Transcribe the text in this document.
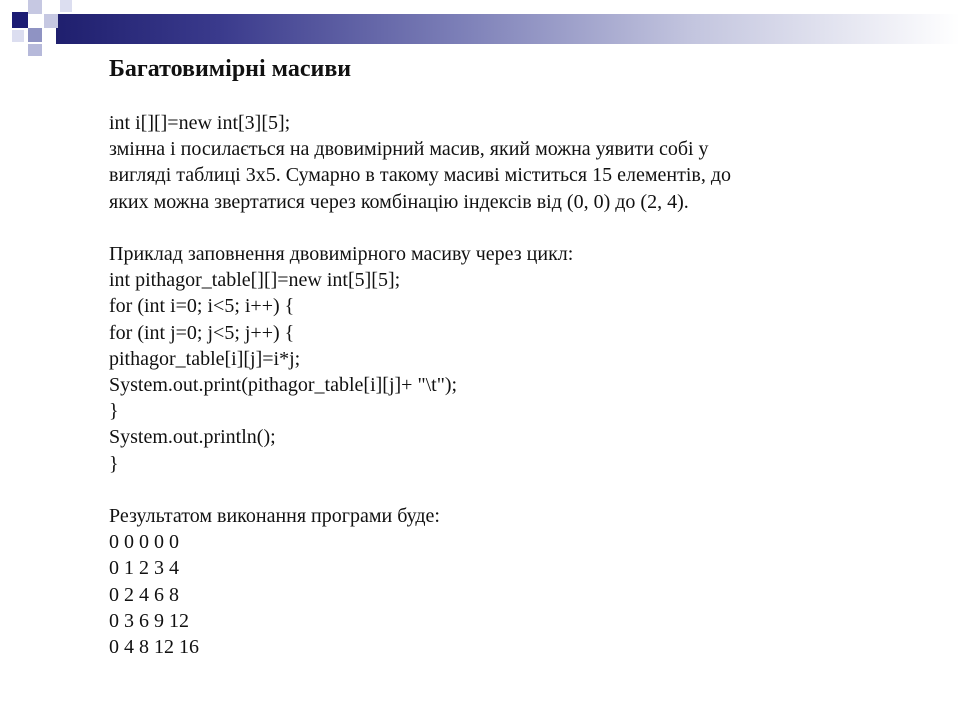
Багатовимірні масиви
int i[][]=new int[3][5];
змінна i посилається на двовимірний масив, який можна уявити собі у
вигляді таблиці 3х5. Сумарно в такому масиві міститься 15 елементів, до
яких можна звертатися через комбінацію індексів від (0, 0) до (2, 4).
Приклад заповнення двовимірного масиву через цикл:
int pithagor_table[][]=new int[5][5];
for (int i=0; i<5; i++) {
for (int j=0; j<5; j++) {
pithagor_table[i][j]=i*j;
System.out.print(pithagor_table[i][j]+ "\t");
}
System.out.println();
}
Результатом виконання програми буде:
0 0 0 0 0
0 1 2 3 4
0 2 4 6 8
0 3 6 9 12
0 4 8 12 16
